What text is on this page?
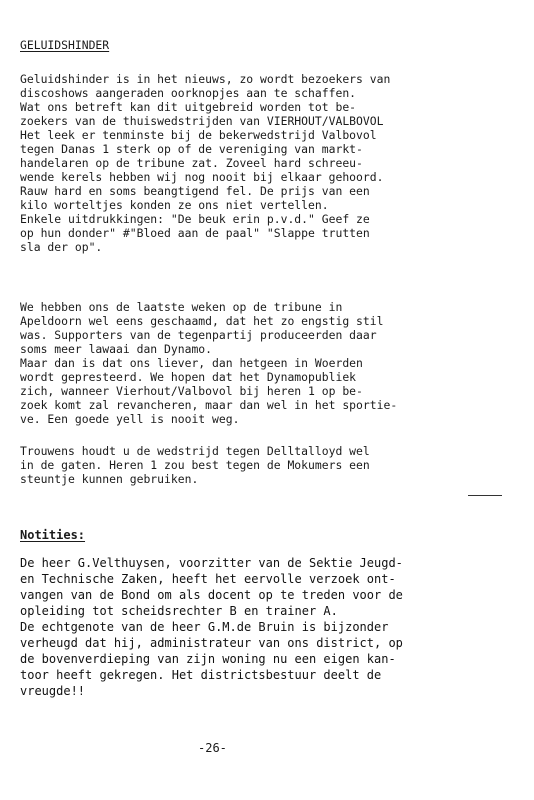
GELUIDSHINDER
Geluidshinder is in het nieuws, zo wordt bezoekers van
discoshows aangeraden oorknopjes aan te schaffen.
Wat ons betreft kan dit uitgebreid worden tot be-
zoekers van de thuiswedstrijden van VIERHOUT/VALBOVOL
Het leek er tenminste bij de bekerwedstrijd Valbovol
tegen Danas 1 sterk op of de vereniging van markt-
handelaren op de tribune zat. Zoveel hard schreeu-
wende kerels hebben wij nog nooit bij elkaar gehoord.
Rauw hard en soms beangtigend fel. De prijs van een
kilo worteltjes konden ze ons niet vertellen.
Enkele uitdrukkingen: "De beuk erin p.v.d." Geef ze
op hun donder" #"Bloed aan de paal" "Slappe trutten
sla der op".
We hebben ons de laatste weken op de tribune in
Apeldoorn wel eens geschaamd, dat het zo engstig stil
was. Supporters van de tegenpartij produceerden daar
soms meer lawaai dan Dynamo.
Maar dan is dat ons liever, dan hetgeen in Woerden
wordt gepresteerd. We hopen dat het Dynamopubliek
zich, wanneer Vierhout/Valbovol bij heren 1 op be-
zoek komt zal revancheren, maar dan wel in het sportie-
ve. Een goede yell is nooit weg.
Trouwens houdt u de wedstrijd tegen Delltalloyd wel
in de gaten. Heren 1 zou best tegen de Mokumers een
steuntje kunnen gebruiken.
Notities:
De heer G.Velthuysen, voorzitter van de Sektie Jeugd-
en Technische Zaken, heeft het eervolle verzoek ont-
vangen van de Bond om als docent op te treden voor de
opleiding tot scheidsrechter B en trainer A.
De echtgenote van de heer G.M.de Bruin is bijzonder
verheugd dat hij, administrateur van ons district, op
de bovenverdieping van zijn woning nu een eigen kan-
toor heeft gekregen. Het districtsbestuur deelt de
vreugde!!
-26-
